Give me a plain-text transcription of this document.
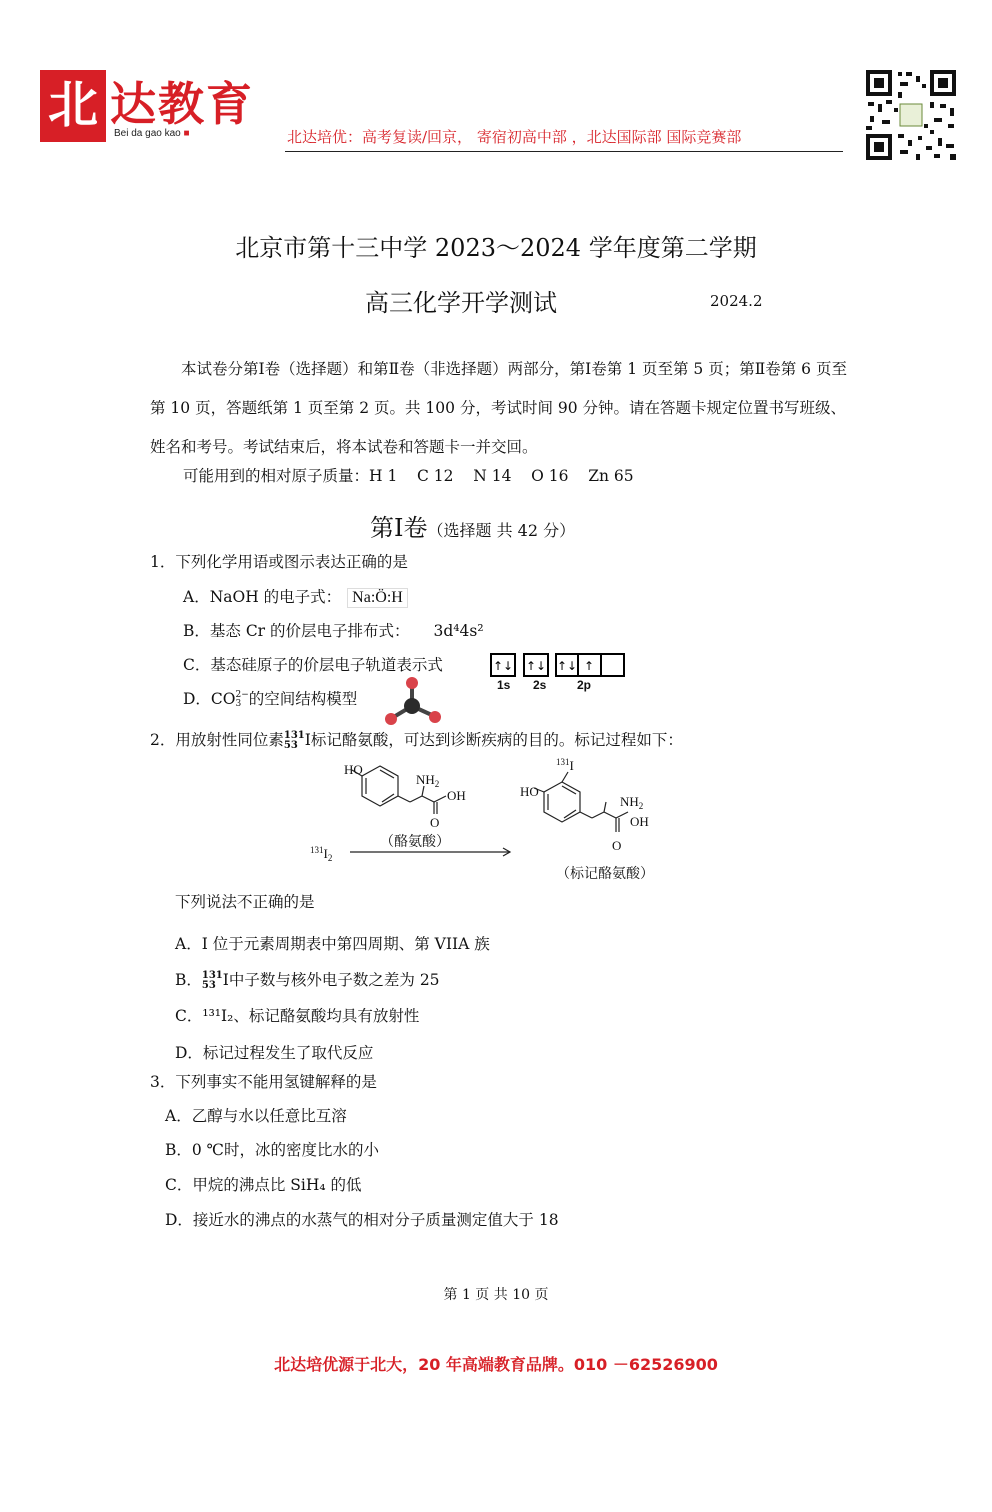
北 达教育
Bei da gao kao ■	北达培优：高考复读/回京， 寄宿初高中部 ，北达国际部 国际竞赛部
北京市第十三中学 2023～2024 学年度第二学期
高三化学开学测试	2024.2
本试卷分第Ⅰ卷（选择题）和第Ⅱ卷（非选择题）两部分，第Ⅰ卷第 1 页至第 5 页；第Ⅱ卷第 6 页至第 10 页，答题纸第 1 页至第 2 页。共 100 分，考试时间 90 分钟。请在答题卡规定位置书写班级、姓名和考号。考试结束后，将本试卷和答题卡一并交回。
可能用到的相对原子质量：H 1    C 12    N 14    O 16    Zn 65
第Ⅰ卷（选择题 共 42 分）
1．下列化学用语或图示表达正确的是
A．NaOH 的电子式： Na:Ö:H
B．基态 Cr 的价层电子排布式： 3d⁴4s²
C．基态硅原子的价层电子轨道表示式	↑↓ ↑↓ ↑↓ ↑
1s 2s	2p
D．CO 2−
3 的空间结构模型
2．用放射性同位素 131
53 I标记酪氨酸，可达到诊断疾病的目的。标记过程如下：
HO
$NH_2$
OH
O
（酪氨酸）
$^{131}I_2$
$^{131}$I
HO
$NH_2$
OH
O
（标记酪氨酸）
下列说法不正确的是
A．I 位于元素周期表中第四周期、第 VIIA 族
B． 131
53 I中子数与核外电子数之差为 25
C．¹³¹I₂、标记酪氨酸均具有放射性
D．标记过程发生了取代反应
3．下列事实不能用氢键解释的是
A．乙醇与水以任意比互溶
B．0 ℃时，冰的密度比水的小
C．甲烷的沸点比 SiH₄ 的低
D．接近水的沸点的水蒸气的相对分子质量测定值大于 18
第 1 页 共 10 页
北达培优源于北大，20 年高端教育品牌。010 －62526900
